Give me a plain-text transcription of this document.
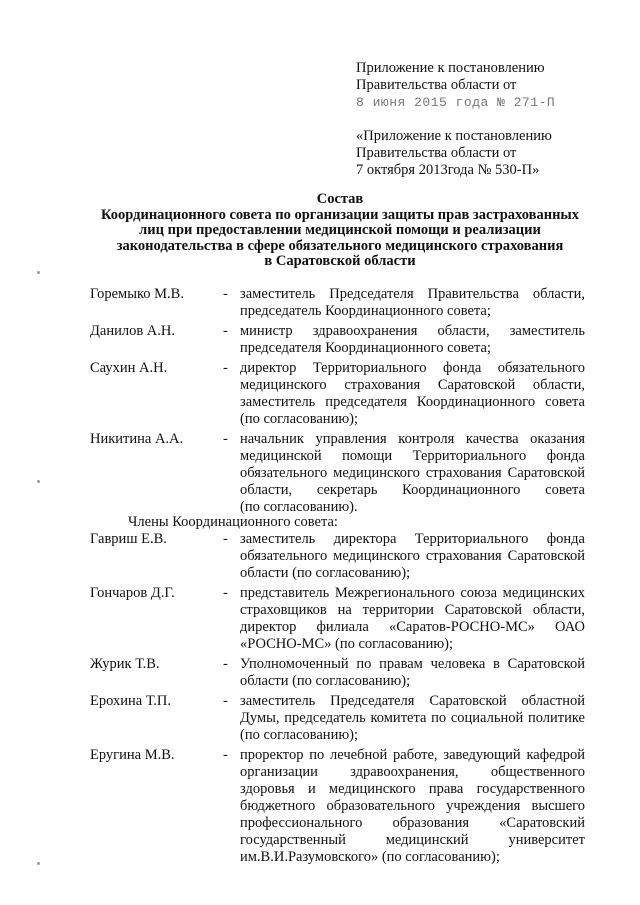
Приложение к постановлению
Правительства области от
8 июня 2015 года № 271-П
«Приложение к постановлению
Правительства области от
7 октября 2013года № 530-П»
Состав
Координационного совета по организации защиты прав застрахованных
лиц при предоставлении медицинской помощи и реализации
законодательства в сфере обязательного медицинского страхования
в Саратовской области
Горемыко М.В.	- заместитель Председателя Правительства области,
председатель Координационного совета;
Данилов А.Н.	- министр здравоохранения области, заместитель
председателя Координационного совета;
Саухин А.Н.	- директор Территориального фонда обязательного
медицинского страхования Саратовской области,
заместитель председателя Координационного совета
(по согласованию);
Никитина А.А.	- начальник управления контроля качества оказания
медицинской помощи Территориального фонда
обязательного медицинского страхования Саратовской
области, секретарь Координационного совета
(по согласованию).
Члены Координационного совета:
Гавриш Е.В.	- заместитель директора Территориального фонда
обязательного медицинского страхования Саратовской
области (по согласованию);
Гончаров Д.Г.	- представитель Межрегионального союза медицинских
страховщиков на территории Саратовской области,
директор филиала «Саратов-РОСНО-МС» ОАО
«РОСНО-МС» (по согласованию);
Журик Т.В.	- Уполномоченный по правам человека в Саратовской
области (по согласованию);
Ерохина Т.П.	- заместитель Председателя Саратовской областной
Думы, председатель комитета по социальной политике
(по согласованию);
Еругина М.В.	- проректор по лечебной работе, заведующий кафедрой
организации здравоохранения, общественного
здоровья и медицинского права государственного
бюджетного образовательного учреждения высшего
профессионального образования «Саратовский
государственный медицинский университет
им.В.И.Разумовского» (по согласованию);
